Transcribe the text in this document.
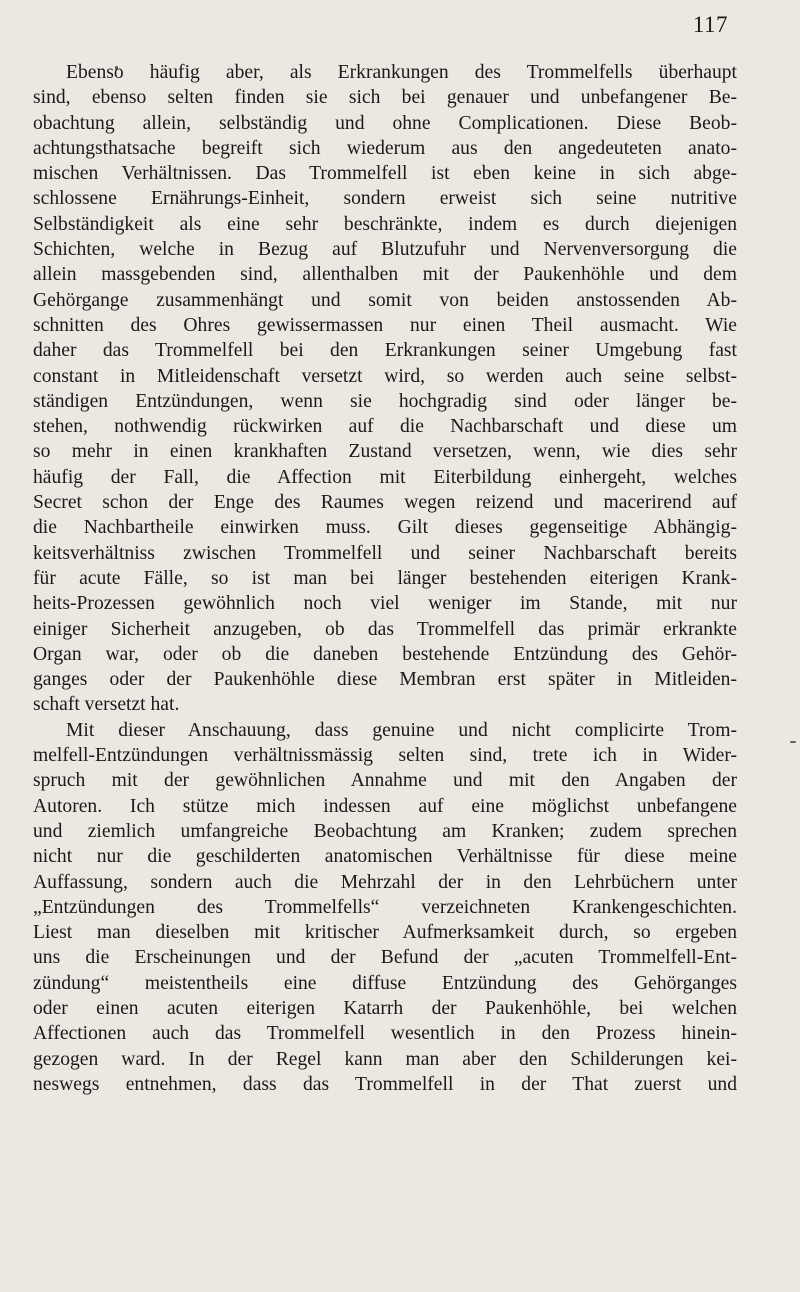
117
Ebenso häufig aber, als Erkrankungen des Trommelfells überhaupt
sind, ebenso selten finden sie sich bei genauer und unbefangener Be-
obachtung allein, selbständig und ohne Complicationen. Diese Beob-
achtungsthatsache begreift sich wiederum aus den angedeuteten anato-
mischen Verhältnissen. Das Trommelfell ist eben keine in sich abge-
schlossene Ernährungs-Einheit, sondern erweist sich seine nutritive
Selbständigkeit als eine sehr beschränkte, indem es durch diejenigen
Schichten, welche in Bezug auf Blutzufuhr und Nervenversorgung die
allein massgebenden sind, allenthalben mit der Paukenhöhle und dem
Gehörgange zusammenhängt und somit von beiden anstossenden Ab-
schnitten des Ohres gewissermassen nur einen Theil ausmacht. Wie
daher das Trommelfell bei den Erkrankungen seiner Umgebung fast
constant in Mitleidenschaft versetzt wird, so werden auch seine selbst-
ständigen Entzündungen, wenn sie hochgradig sind oder länger be-
stehen, nothwendig rückwirken auf die Nachbarschaft und diese um
so mehr in einen krankhaften Zustand versetzen, wenn, wie dies sehr
häufig der Fall, die Affection mit Eiterbildung einhergeht, welches
Secret schon der Enge des Raumes wegen reizend und macerirend auf
die Nachbartheile einwirken muss. Gilt dieses gegenseitige Abhängig-
keitsverhältniss zwischen Trommelfell und seiner Nachbarschaft bereits
für acute Fälle, so ist man bei länger bestehenden eiterigen Krank-
heits-Prozessen gewöhnlich noch viel weniger im Stande, mit nur
einiger Sicherheit anzugeben, ob das Trommelfell das primär erkrankte
Organ war, oder ob die daneben bestehende Entzündung des Gehör-
ganges oder der Paukenhöhle diese Membran erst später in Mitleiden-
schaft versetzt hat.
Mit dieser Anschauung, dass genuine und nicht complicirte Trom-
melfell-Entzündungen verhältnissmässig selten sind, trete ich in Wider-
spruch mit der gewöhnlichen Annahme und mit den Angaben der
Autoren. Ich stütze mich indessen auf eine möglichst unbefangene
und ziemlich umfangreiche Beobachtung am Kranken; zudem sprechen
nicht nur die geschilderten anatomischen Verhältnisse für diese meine
Auffassung, sondern auch die Mehrzahl der in den Lehrbüchern unter
„Entzündungen des Trommelfells“ verzeichneten Krankengeschichten.
Liest man dieselben mit kritischer Aufmerksamkeit durch, so ergeben
uns die Erscheinungen und der Befund der „acuten Trommelfell-Ent-
zündung“ meistentheils eine diffuse Entzündung des Gehörganges
oder einen acuten eiterigen Katarrh der Paukenhöhle, bei welchen
Affectionen auch das Trommelfell wesentlich in den Prozess hinein-
gezogen ward. In der Regel kann man aber den Schilderungen kei-
neswegs entnehmen, dass das Trommelfell in der That zuerst und
